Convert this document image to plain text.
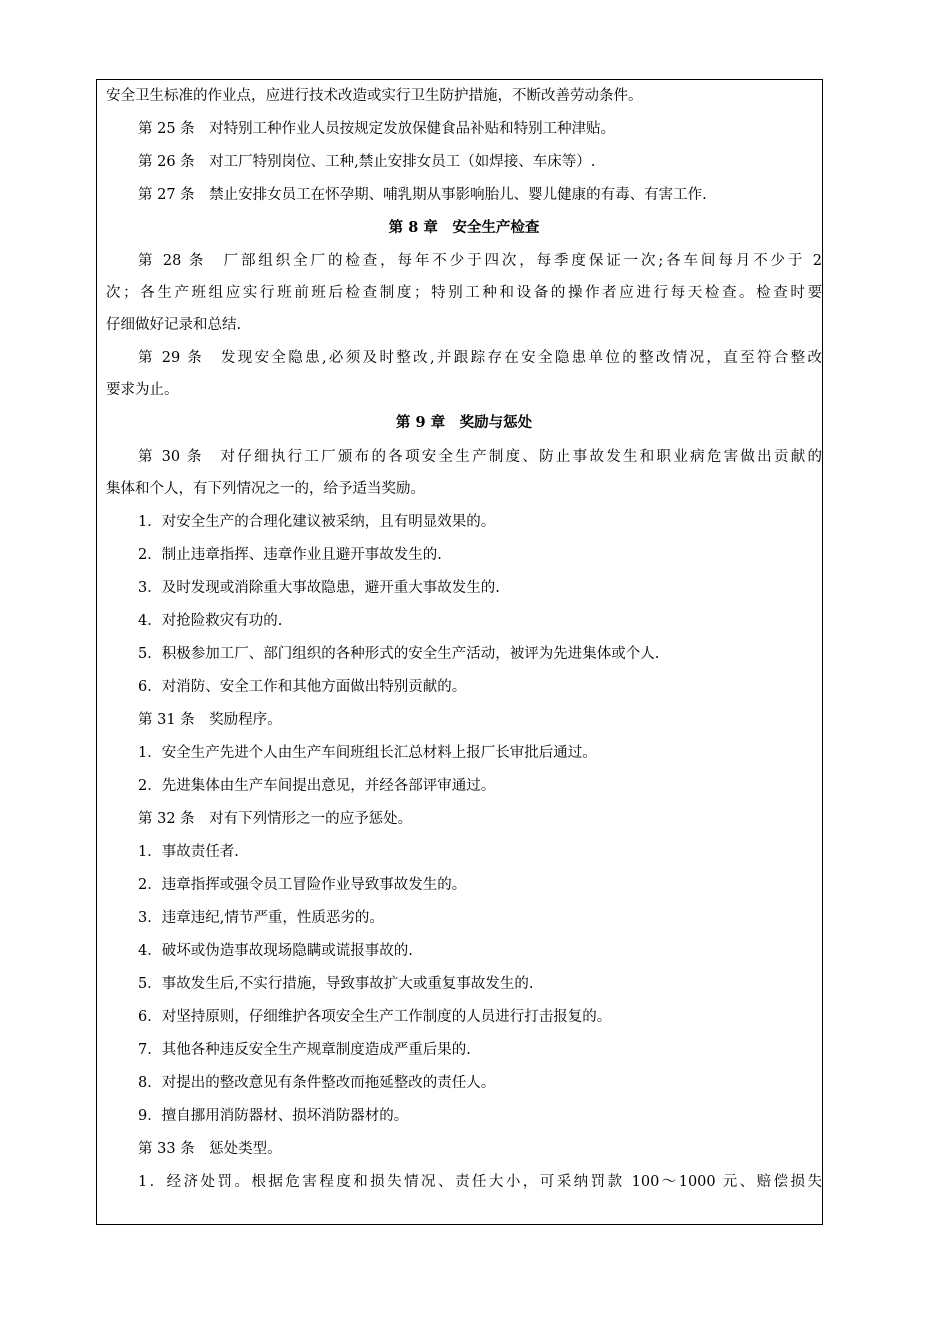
安全卫生标准的作业点，应进行技术改造或实行卫生防护措施，不断改善劳动条件。
第 25 条　对特别工种作业人员按规定发放保健食品补贴和特别工种津贴。
第 26 条　对工厂特别岗位、工种,禁止安排女员工（如焊接、车床等）.
第 27 条　禁止安排女员工在怀孕期、哺乳期从事影响胎儿、婴儿健康的有毒、有害工作.
第 8 章　安全生产检查
第 28 条　厂部组织全厂的检查，每年不少于四次，每季度保证一次;各车间每月不少于 2
次；各生产班组应实行班前班后检查制度；特别工种和设备的操作者应进行每天检查。检查时要
仔细做好记录和总结.
第 29 条　发现安全隐患,必须及时整改,并跟踪存在安全隐患单位的整改情况，直至符合整改
要求为止。
第 9 章　奖励与惩处
第 30 条　对仔细执行工厂颁布的各项安全生产制度、防止事故发生和职业病危害做出贡献的
集体和个人，有下列情况之一的，给予适当奖励。
1．对安全生产的合理化建议被采纳，且有明显效果的。
2．制止违章指挥、违章作业且避开事故发生的.
3．及时发现或消除重大事故隐患，避开重大事故发生的.
4．对抢险救灾有功的.
5．积极参加工厂、部门组织的各种形式的安全生产活动，被评为先进集体或个人.
6．对消防、安全工作和其他方面做出特别贡献的。
第 31 条　奖励程序。
1．安全生产先进个人由生产车间班组长汇总材料上报厂长审批后通过。
2．先进集体由生产车间提出意见，并经各部评审通过。
第 32 条　对有下列情形之一的应予惩处。
1．事故责任者.
2．违章指挥或强令员工冒险作业导致事故发生的。
3．违章违纪,情节严重，性质恶劣的。
4．破坏或伪造事故现场隐瞒或谎报事故的.
5．事故发生后,不实行措施，导致事故扩大或重复事故发生的.
6．对坚持原则，仔细维护各项安全生产工作制度的人员进行打击报复的。
7．其他各种违反安全生产规章制度造成严重后果的.
8．对提出的整改意见有条件整改而拖延整改的责任人。
9．擅自挪用消防器材、损坏消防器材的。
第 33 条　惩处类型。
1．经济处罚。根据危害程度和损失情况、责任大小，可采纳罚款 100～1000 元、赔偿损失
